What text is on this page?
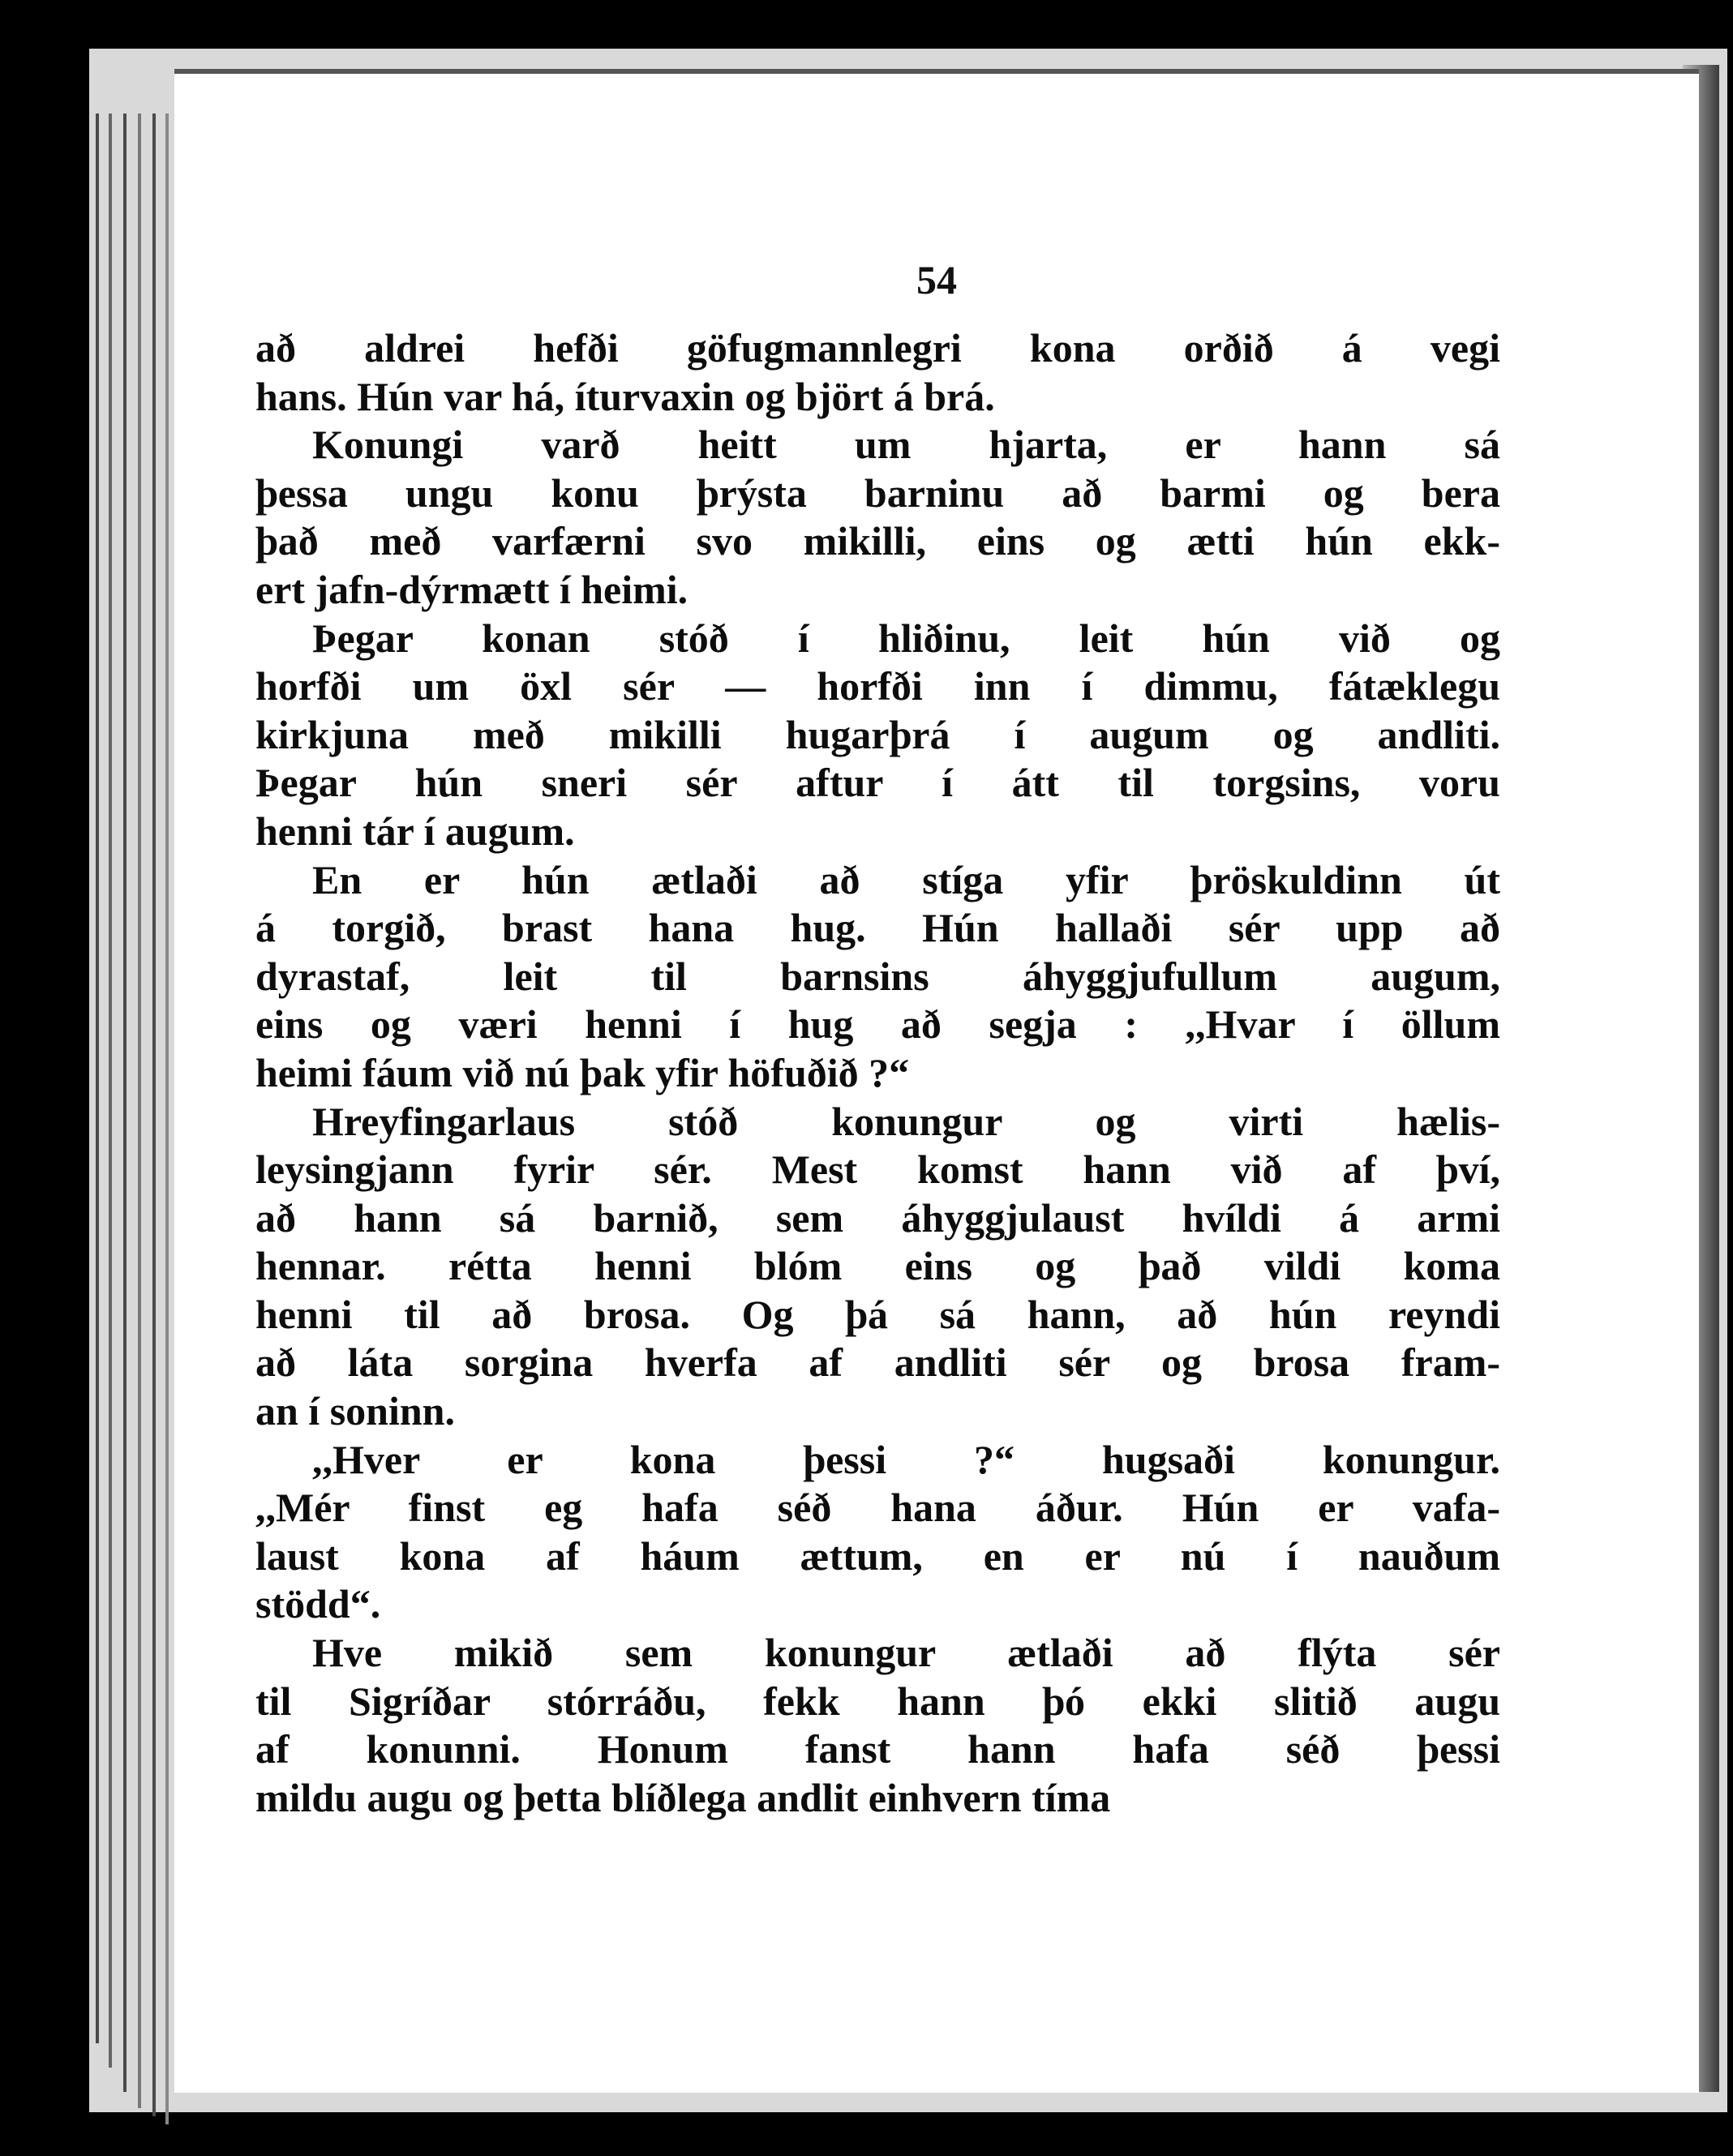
54
að aldrei hefði göfugmannlegri kona orðið á vegi
hans. Hún var há, íturvaxin og björt á brá.
Konungi varð heitt um hjarta, er hann sá
þessa ungu konu þrýsta barninu að barmi og bera
það með varfærni svo mikilli, eins og ætti hún ekk-
ert jafn-dýrmætt í heimi.
Þegar konan stóð í hliðinu, leit hún við og
horfði um öxl sér — horfði inn í dimmu, fátæklegu
kirkjuna með mikilli hugarþrá í augum og andliti.
Þegar hún sneri sér aftur í átt til torgsins, voru
henni tár í augum.
En er hún ætlaði að stíga yfir þröskuldinn út
á torgið, brast hana hug. Hún hallaði sér upp að
dyrastaf, leit til barnsins áhyggjufullum augum,
eins og væri henni í hug að segja : ,,Hvar í öllum
heimi fáum við nú þak yfir höfuðið ?“
Hreyfingarlaus stóð konungur og virti hælis-
leysingjann fyrir sér. Mest komst hann við af því,
að hann sá barnið, sem áhyggjulaust hvíldi á armi
hennar. rétta henni blóm eins og það vildi koma
henni til að brosa. Og þá sá hann, að hún reyndi
að láta sorgina hverfa af andliti sér og brosa fram-
an í soninn.
,,Hver er kona þessi ?“ hugsaði konungur.
,,Mér finst eg hafa séð hana áður. Hún er vafa-
laust kona af háum ættum, en er nú í nauðum
stödd“.
Hve mikið sem konungur ætlaði að flýta sér
til Sigríðar stórráðu, fekk hann þó ekki slitið augu
af konunni. Honum fanst hann hafa séð þessi
mildu augu og þetta blíðlega andlit einhvern tíma
